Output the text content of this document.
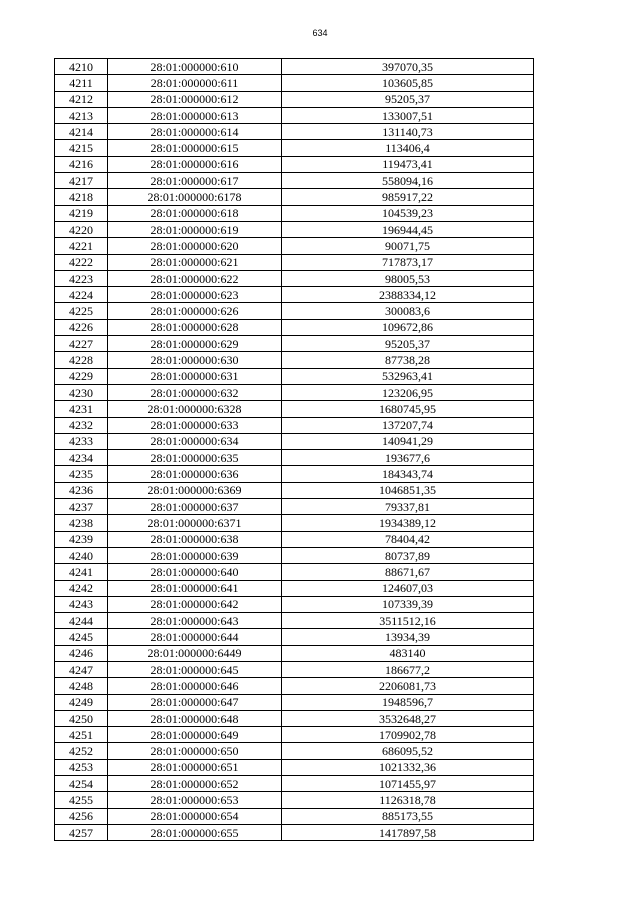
634
4210	28:01:000000:610	397070,35
4211	28:01:000000:611	103605,85
4212	28:01:000000:612	95205,37
4213	28:01:000000:613	133007,51
4214	28:01:000000:614	131140,73
4215	28:01:000000:615	113406,4
4216	28:01:000000:616	119473,41
4217	28:01:000000:617	558094,16
4218	28:01:000000:6178	985917,22
4219	28:01:000000:618	104539,23
4220	28:01:000000:619	196944,45
4221	28:01:000000:620	90071,75
4222	28:01:000000:621	717873,17
4223	28:01:000000:622	98005,53
4224	28:01:000000:623	2388334,12
4225	28:01:000000:626	300083,6
4226	28:01:000000:628	109672,86
4227	28:01:000000:629	95205,37
4228	28:01:000000:630	87738,28
4229	28:01:000000:631	532963,41
4230	28:01:000000:632	123206,95
4231	28:01:000000:6328	1680745,95
4232	28:01:000000:633	137207,74
4233	28:01:000000:634	140941,29
4234	28:01:000000:635	193677,6
4235	28:01:000000:636	184343,74
4236	28:01:000000:6369	1046851,35
4237	28:01:000000:637	79337,81
4238	28:01:000000:6371	1934389,12
4239	28:01:000000:638	78404,42
4240	28:01:000000:639	80737,89
4241	28:01:000000:640	88671,67
4242	28:01:000000:641	124607,03
4243	28:01:000000:642	107339,39
4244	28:01:000000:643	3511512,16
4245	28:01:000000:644	13934,39
4246	28:01:000000:6449	483140
4247	28:01:000000:645	186677,2
4248	28:01:000000:646	2206081,73
4249	28:01:000000:647	1948596,7
4250	28:01:000000:648	3532648,27
4251	28:01:000000:649	1709902,78
4252	28:01:000000:650	686095,52
4253	28:01:000000:651	1021332,36
4254	28:01:000000:652	1071455,97
4255	28:01:000000:653	1126318,78
4256	28:01:000000:654	885173,55
4257	28:01:000000:655	1417897,58
